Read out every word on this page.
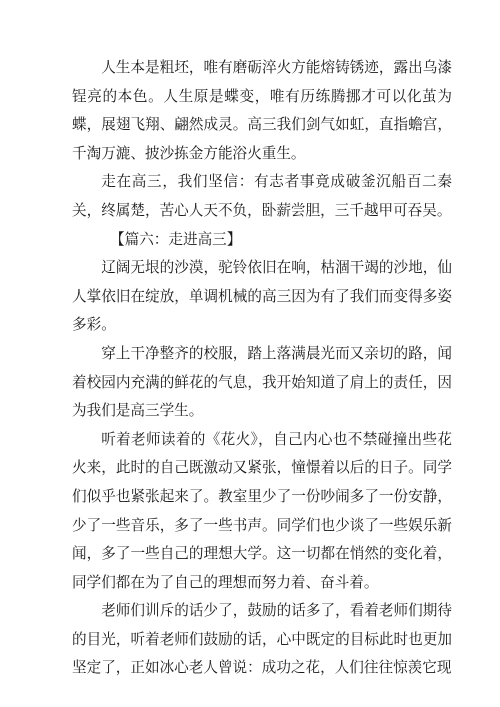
人生本是粗坯，唯有磨砺淬火方能熔铸锈迹，露出乌漆锃亮的本色。人生原是蝶变，唯有历练腾挪才可以化茧为蝶，展翅飞翔、翩然成灵。高三我们剑气如虹，直指蟾宫，千淘万漉、披沙拣金方能浴火重生。

走在高三，我们坚信：有志者事竟成破釜沉船百二秦关，终属楚，苦心人天不负，卧薪尝胆，三千越甲可吞吴。

【篇六：走进高三】

辽阔无垠的沙漠，驼铃依旧在响，枯涸干竭的沙地，仙人掌依旧在绽放，单调机械的高三因为有了我们而变得多姿多彩。

穿上干净整齐的校服，踏上落满晨光而又亲切的路，闻着校园内充满的鲜花的气息，我开始知道了肩上的责任，因为我们是高三学生。

听着老师读着的《花火》，自己内心也不禁碰撞出些花火来，此时的自己既激动又紧张，憧憬着以后的日子。同学们似乎也紧张起来了。教室里少了一份吵闹多了一份安静，少了一些音乐，多了一些书声。同学们也少谈了一些娱乐新闻，多了一些自己的理想大学。这一切都在悄然的变化着，同学们都在为了自己的理想而努力着、奋斗着。

老师们训斥的话少了，鼓励的话多了，看着老师们期待的目光，听着老师们鼓励的话，心中既定的目标此时也更加坚定了，正如冰心老人曾说：成功之花，人们往往惊羡它现
